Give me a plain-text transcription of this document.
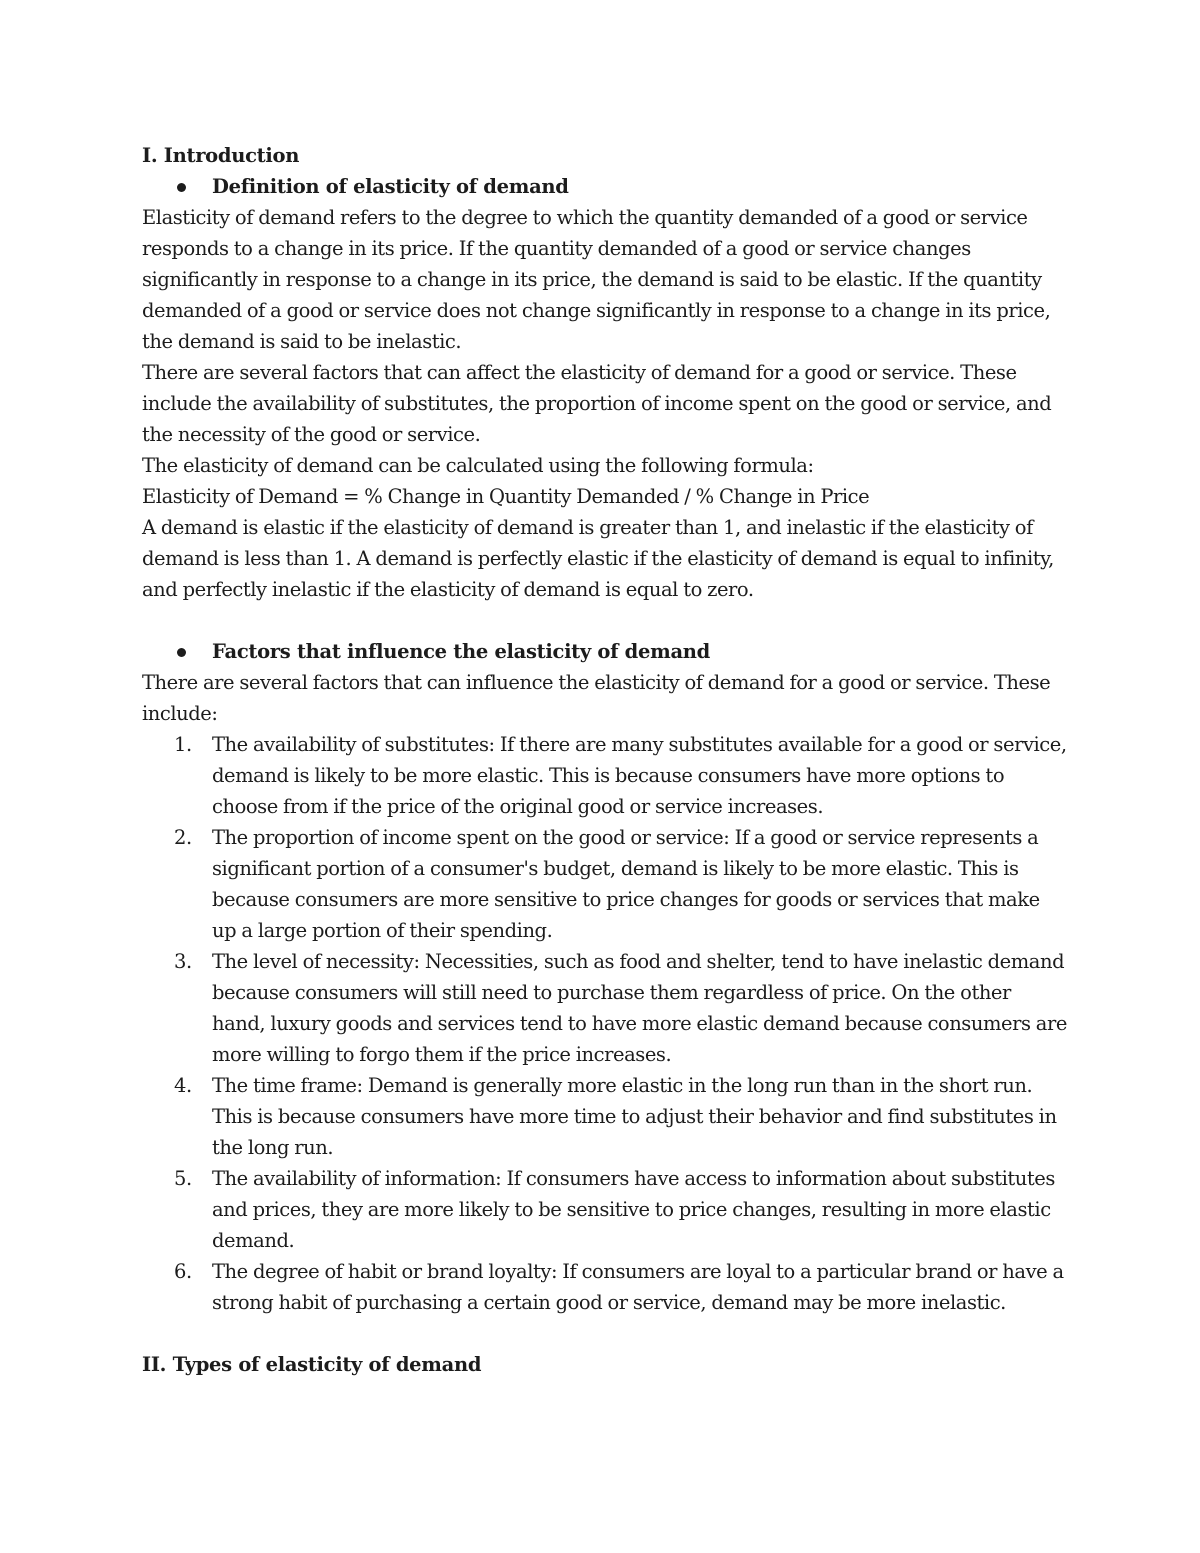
I. Introduction

Definition of elasticity of demand

Elasticity of demand refers to the degree to which the quantity demanded of a good or service responds to a change in its price. If the quantity demanded of a good or service changes significantly in response to a change in its price, the demand is said to be elastic. If the quantity demanded of a good or service does not change significantly in response to a change in its price, the demand is said to be inelastic.

There are several factors that can affect the elasticity of demand for a good or service. These include the availability of substitutes, the proportion of income spent on the good or service, and the necessity of the good or service.

The elasticity of demand can be calculated using the following formula:

Elasticity of Demand = % Change in Quantity Demanded / % Change in Price

A demand is elastic if the elasticity of demand is greater than 1, and inelastic if the elasticity of demand is less than 1. A demand is perfectly elastic if the elasticity of demand is equal to infinity, and perfectly inelastic if the elasticity of demand is equal to zero.

Factors that influence the elasticity of demand

There are several factors that can influence the elasticity of demand for a good or service. These include:

1. The availability of substitutes: If there are many substitutes available for a good or service, demand is likely to be more elastic. This is because consumers have more options to choose from if the price of the original good or service increases.
2. The proportion of income spent on the good or service: If a good or service represents a significant portion of a consumer's budget, demand is likely to be more elastic. This is because consumers are more sensitive to price changes for goods or services that make up a large portion of their spending.
3. The level of necessity: Necessities, such as food and shelter, tend to have inelastic demand because consumers will still need to purchase them regardless of price. On the other hand, luxury goods and services tend to have more elastic demand because consumers are more willing to forgo them if the price increases.
4. The time frame: Demand is generally more elastic in the long run than in the short run. This is because consumers have more time to adjust their behavior and find substitutes in the long run.
5. The availability of information: If consumers have access to information about substitutes and prices, they are more likely to be sensitive to price changes, resulting in more elastic demand.
6. The degree of habit or brand loyalty: If consumers are loyal to a particular brand or have a strong habit of purchasing a certain good or service, demand may be more inelastic.

II. Types of elasticity of demand
